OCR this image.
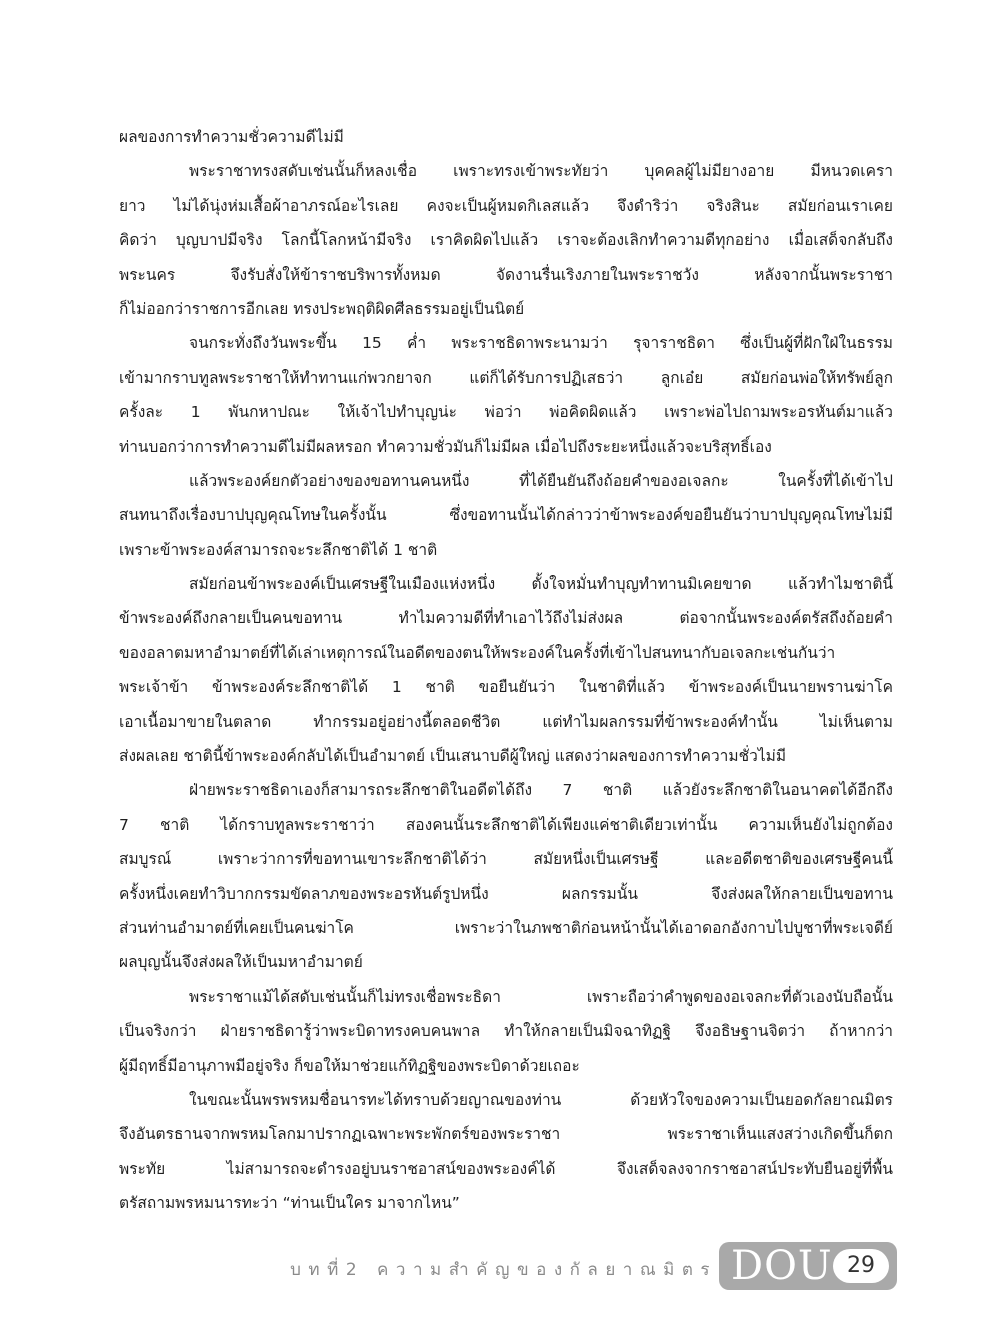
ผลของการทำความชั่วความดีไม่มี
พระราชาทรงสดับเช่นนั้นก็หลงเชื่อ เพราะทรงเข้าพระทัยว่า บุคคลผู้ไม่มียางอาย มีหนวดเครา
ยาว ไม่ได้นุ่งห่มเสื้อผ้าอาภรณ์อะไรเลย คงจะเป็นผู้หมดกิเลสแล้ว จึงดำริว่า จริงสินะ สมัยก่อนเราเคย
คิดว่า บุญบาปมีจริง โลกนี้โลกหน้ามีจริง เราคิดผิดไปแล้ว เราจะต้องเลิกทำความดีทุกอย่าง เมื่อเสด็จกลับถึง
พระนคร จึงรับสั่งให้ข้าราชบริพารทั้งหมด จัดงานรื่นเริงภายในพระราชวัง หลังจากนั้นพระราชา
ก็ไม่ออกว่าราชการอีกเลย ทรงประพฤติผิดศีลธรรมอยู่เป็นนิตย์
จนกระทั่งถึงวันพระขึ้น 15 ค่ำ พระราชธิดาพระนามว่า รุจาราชธิดา ซึ่งเป็นผู้ที่ฝักใฝ่ในธรรม
เข้ามากราบทูลพระราชาให้ทำทานแก่พวกยาจก แต่ก็ได้รับการปฏิเสธว่า ลูกเอ๋ย สมัยก่อนพ่อให้ทรัพย์ลูก
ครั้งละ 1 พันกหาปณะ ให้เจ้าไปทำบุญน่ะ พ่อว่า พ่อคิดผิดแล้ว เพราะพ่อไปถามพระอรหันต์มาแล้ว
ท่านบอกว่าการทำความดีไม่มีผลหรอก ทำความชั่วมันก็ไม่มีผล เมื่อไปถึงระยะหนึ่งแล้วจะบริสุทธิ์เอง
แล้วพระองค์ยกตัวอย่างของขอทานคนหนึ่ง ที่ได้ยืนยันถึงถ้อยคำของอเจลกะ ในครั้งที่ได้เข้าไป
สนทนาถึงเรื่องบาปบุญคุณโทษในครั้งนั้น ซึ่งขอทานนั้นได้กล่าวว่าข้าพระองค์ขอยืนยันว่าบาปบุญคุณโทษไม่มี
เพราะข้าพระองค์สามารถจะระลึกชาติได้ 1 ชาติ
สมัยก่อนข้าพระองค์เป็นเศรษฐีในเมืองแห่งหนึ่ง ตั้งใจหมั่นทำบุญทำทานมิเคยขาด แล้วทำไมชาตินี้
ข้าพระองค์ถึงกลายเป็นคนขอทาน ทำไมความดีที่ทำเอาไว้ถึงไม่ส่งผล ต่อจากนั้นพระองค์ตรัสถึงถ้อยคำ
ของอลาตมหาอำมาตย์ที่ได้เล่าเหตุการณ์ในอดีตของตนให้พระองค์ในครั้งที่เข้าไปสนทนากับอเจลกะเช่นกันว่า
พระเจ้าข้า ข้าพระองค์ระลึกชาติได้ 1 ชาติ ขอยืนยันว่า ในชาติที่แล้ว ข้าพระองค์เป็นนายพรานฆ่าโค
เอาเนื้อมาขายในตลาด ทำกรรมอยู่อย่างนี้ตลอดชีวิต แต่ทำไมผลกรรมที่ข้าพระองค์ทำนั้น ไม่เห็นตาม
ส่งผลเลย ชาตินี้ข้าพระองค์กลับได้เป็นอำมาตย์ เป็นเสนาบดีผู้ใหญ่ แสดงว่าผลของการทำความชั่วไม่มี
ฝ่ายพระราชธิดาเองก็สามารถระลึกชาติในอดีตได้ถึง 7 ชาติ แล้วยังระลึกชาติในอนาคตได้อีกถึง
7 ชาติ ได้กราบทูลพระราชาว่า สองคนนั้นระลึกชาติได้เพียงแค่ชาติเดียวเท่านั้น ความเห็นยังไม่ถูกต้อง
สมบูรณ์ เพราะว่าการที่ขอทานเขาระลึกชาติได้ว่า สมัยหนึ่งเป็นเศรษฐี และอดีตชาติของเศรษฐีคนนี้
ครั้งหนึ่งเคยทำวิบากกรรมขัดลาภของพระอรหันต์รูปหนึ่ง ผลกรรมนั้น จึงส่งผลให้กลายเป็นขอทาน
ส่วนท่านอำมาตย์ที่เคยเป็นคนฆ่าโค เพราะว่าในภพชาติก่อนหน้านั้นได้เอาดอกอังกาบไปบูชาที่พระเจดีย์
ผลบุญนั้นจึงส่งผลให้เป็นมหาอำมาตย์
พระราชาแม้ได้สดับเช่นนั้นก็ไม่ทรงเชื่อพระธิดา เพราะถือว่าคำพูดของอเจลกะที่ตัวเองนับถือนั้น
เป็นจริงกว่า ฝ่ายราชธิดารู้ว่าพระบิดาทรงคบคนพาล ทำให้กลายเป็นมิจฉาทิฏฐิ จึงอธิษฐานจิตว่า ถ้าหากว่า
ผู้มีฤทธิ์มีอานุภาพมีอยู่จริง ก็ขอให้มาช่วยแก้ทิฏฐิของพระบิดาด้วยเถอะ
ในขณะนั้นพรพรหมชื่อนารทะได้ทราบด้วยญาณของท่าน ด้วยหัวใจของความเป็นยอดกัลยาณมิตร
จึงอันตรธานจากพรหมโลกมาปรากฏเฉพาะพระพักตร์ของพระราชา พระราชาเห็นแสงสว่างเกิดขึ้นก็ตก
พระทัย ไม่สามารถจะดำรงอยู่บนราชอาสน์ของพระองค์ได้ จึงเสด็จลงจากราชอาสน์ประทับยืนอยู่ที่พื้น
ตรัสถามพรหมนารทะว่า “ท่านเป็นใคร มาจากไหน”
บทที่2 ความสำคัญของกัลยาณมิตร DOU 29
